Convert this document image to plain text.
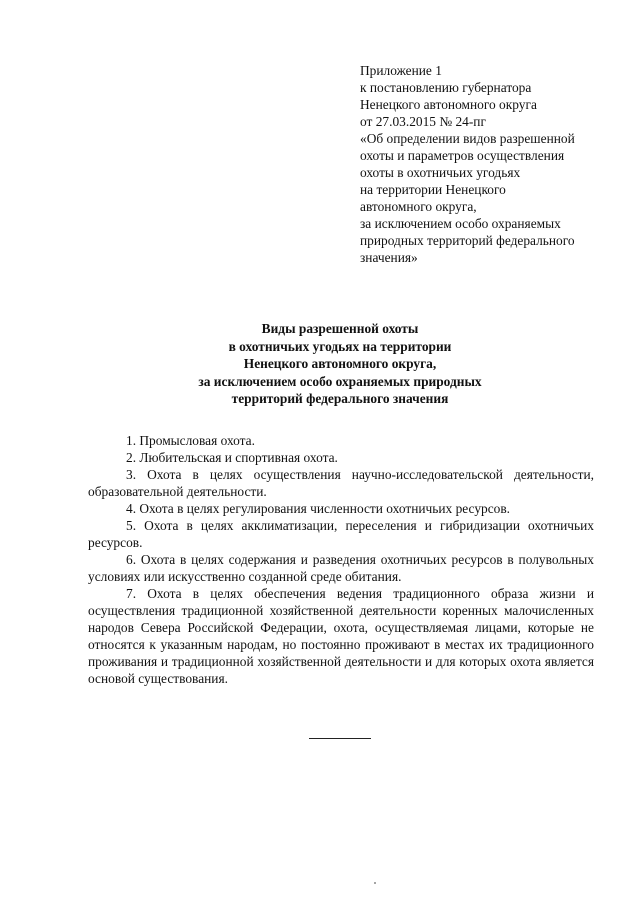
Приложение 1
к постановлению губернатора
Ненецкого автономного округа
от 27.03.2015 № 24-пг
«Об определении видов разрешенной
охоты и параметров осуществления
охоты в охотничьих угодьях
на территории Ненецкого
автономного округа,
за исключением особо охраняемых
природных территорий федерального
значения»
Виды разрешенной охоты
в охотничьих угодьях на территории
Ненецкого автономного округа,
за исключением особо охраняемых природных
территорий федерального значения

1. Промысловая охота.

2. Любительская и спортивная охота.

3. Охота в целях осуществления научно-исследовательской деятельности, образовательной деятельности.

4. Охота в целях регулирования численности охотничьих ресурсов.

5. Охота в целях акклиматизации, переселения и гибридизации охотничьих ресурсов.

6. Охота в целях содержания и разведения охотничьих ресурсов в полувольных условиях или искусственно созданной среде обитания.

7. Охота в целях обеспечения ведения традиционного образа жизни и осуществления традиционной хозяйственной деятельности коренных малочисленных народов Севера Российской Федерации, охота, осуществляемая лицами, которые не относятся к указанным народам, но постоянно проживают в местах их традиционного проживания и традиционной хозяйственной деятельности и для которых охота является основой существования.
